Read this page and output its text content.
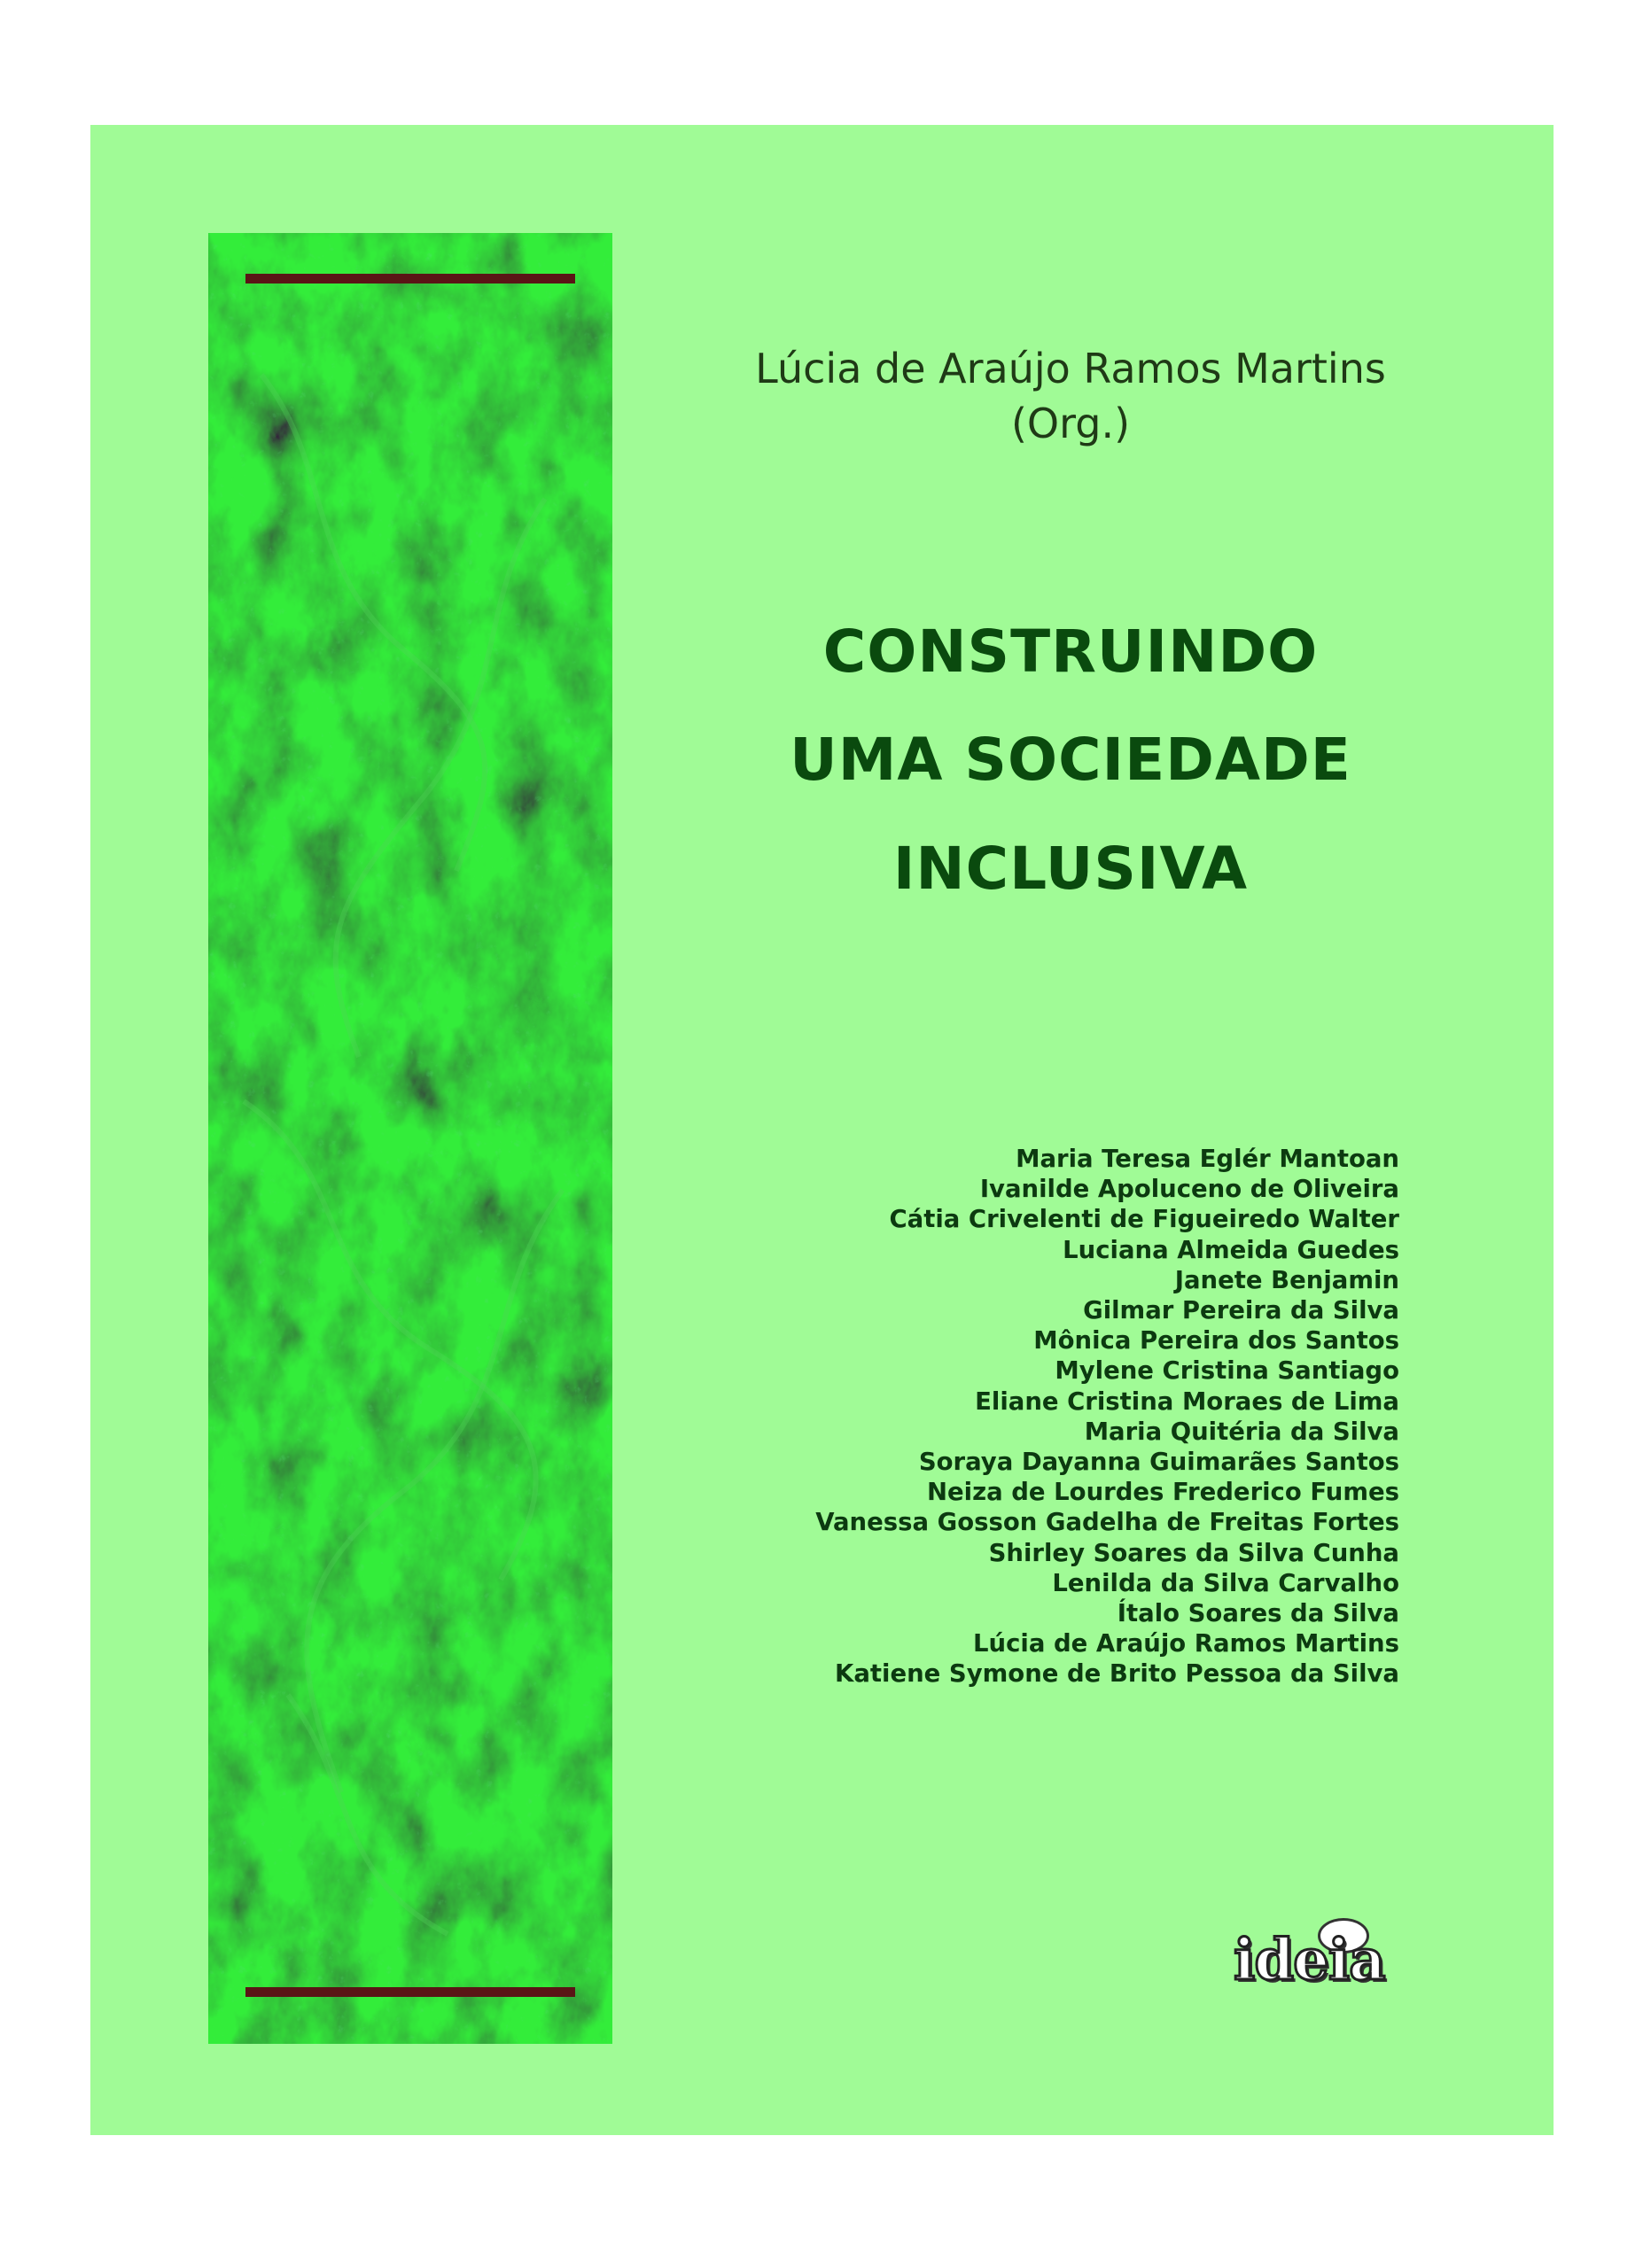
Lúcia de Araújo Ramos Martins
(Org.)
CONSTRUINDO
UMA SOCIEDADE
INCLUSIVA
Maria Teresa Eglér Mantoan
Ivanilde Apoluceno de Oliveira
Cátia Crivelenti de Figueiredo Walter
Luciana Almeida Guedes
Janete Benjamin
Gilmar Pereira da Silva
Mônica Pereira dos Santos
Mylene Cristina Santiago
Eliane Cristina Moraes de Lima
Maria Quitéria da Silva
Soraya Dayanna Guimarães Santos
Neiza de Lourdes Frederico Fumes
Vanessa Gosson Gadelha de Freitas Fortes
Shirley Soares da Silva Cunha
Lenilda da Silva Carvalho
Ítalo Soares da Silva
Lúcia de Araújo Ramos Martins
Katiene Symone de Brito Pessoa da Silva
ideia
